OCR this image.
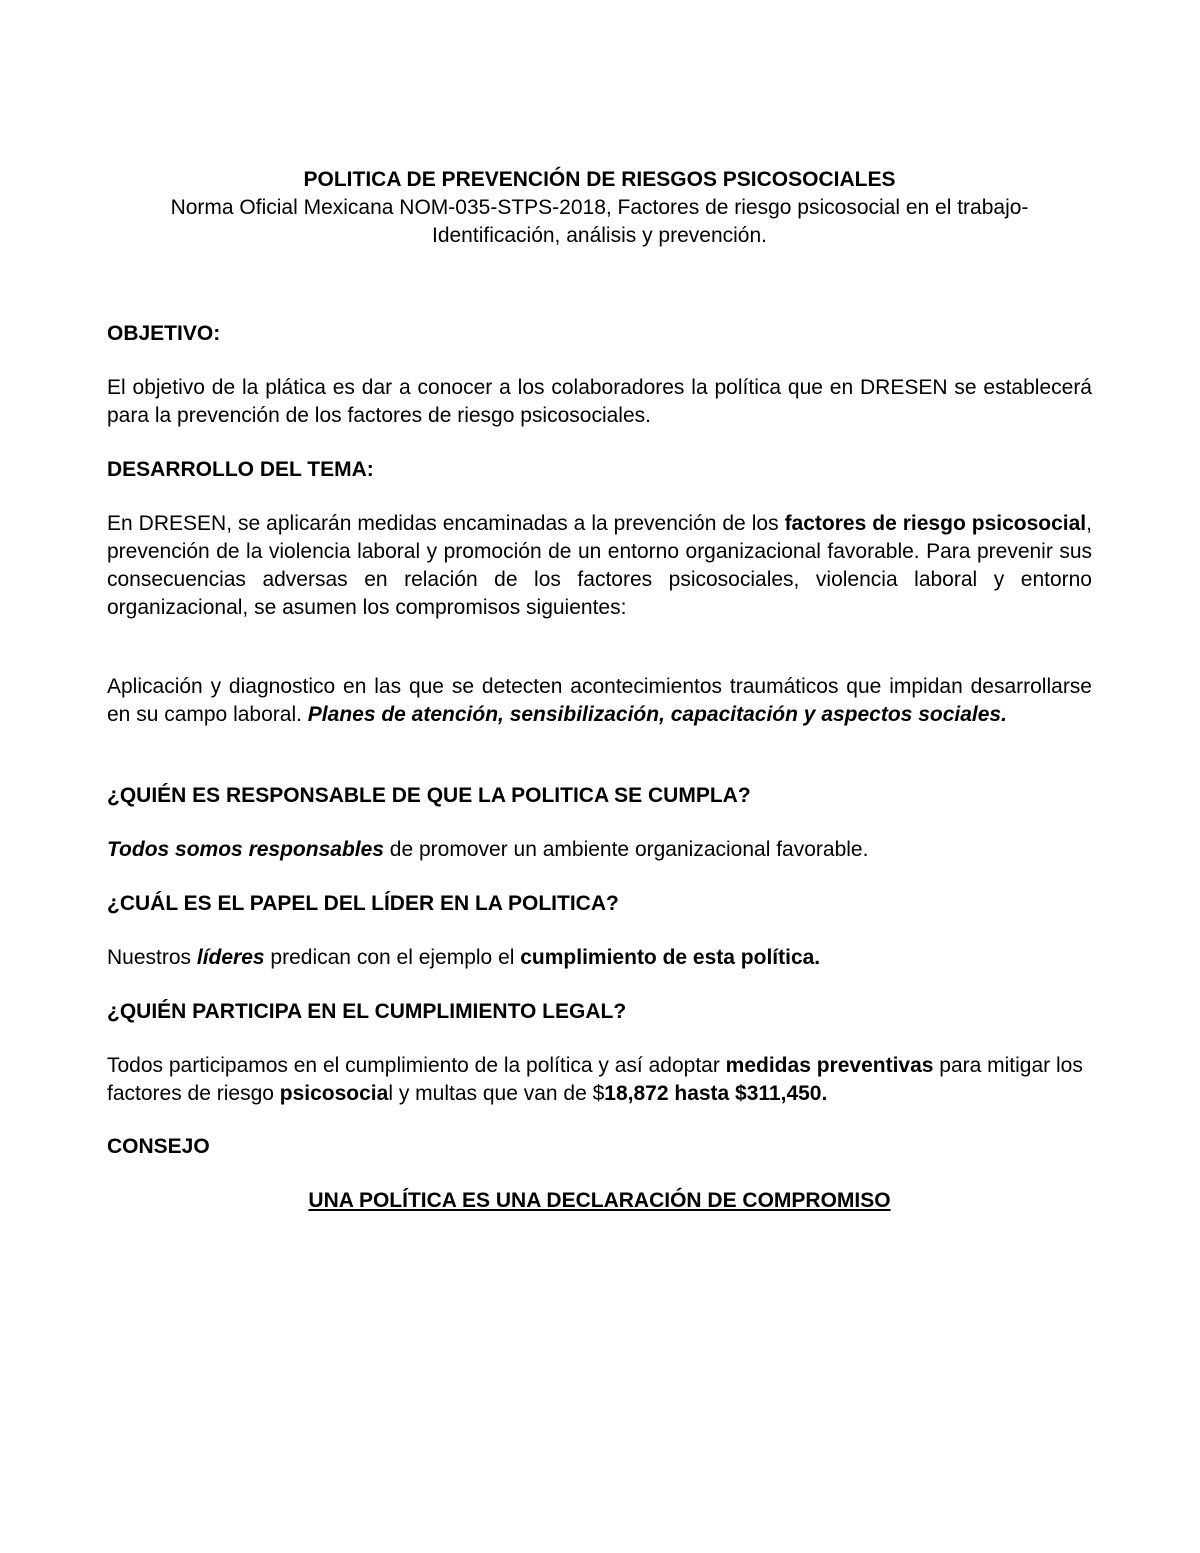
POLITICA DE PREVENCIÓN DE RIESGOS PSICOSOCIALES

Norma Oficial Mexicana NOM-035-STPS-2018, Factores de riesgo psicosocial en el trabajo- Identificación, análisis y prevención.

OBJETIVO:

El objetivo de la plática es dar a conocer a los colaboradores la política que en DRESEN se establecerá para la prevención de los factores de riesgo psicosociales.

DESARROLLO DEL TEMA:

En DRESEN, se aplicarán medidas encaminadas a la prevención de los factores de riesgo psicosocial, prevención de la violencia laboral y promoción de un entorno organizacional favorable. Para prevenir sus consecuencias adversas en relación de los factores psicosociales, violencia laboral y entorno organizacional, se asumen los compromisos siguientes:

Aplicación y diagnostico en las que se detecten acontecimientos traumáticos que impidan desarrollarse en su campo laboral. Planes de atención, sensibilización, capacitación y aspectos sociales.

¿QUIÉN ES RESPONSABLE DE QUE LA POLITICA SE CUMPLA?

Todos somos responsables de promover un ambiente organizacional favorable.

¿CUÁL ES EL PAPEL DEL LÍDER EN LA POLITICA?

Nuestros líderes predican con el ejemplo el cumplimiento de esta política.

¿QUIÉN PARTICIPA EN EL CUMPLIMIENTO LEGAL?

Todos participamos en el cumplimiento de la política y así adoptar medidas preventivas para mitigar los factores de riesgo psicosocial y multas que van de $18,872 hasta $311,450.

CONSEJO

UNA POLÍTICA ES UNA DECLARACIÓN DE COMPROMISO
